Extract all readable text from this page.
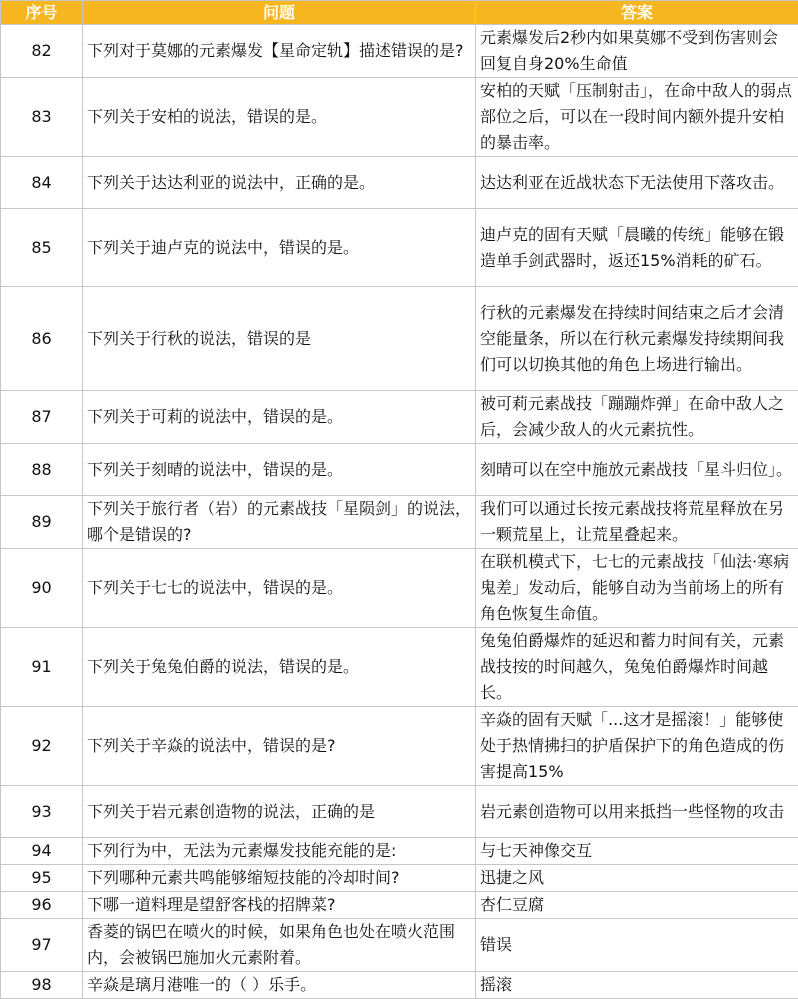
序号	问题	答案
82	下列对于莫娜的元素爆发【星命定轨】描述错误的是?	元素爆发后2秒内如果莫娜不受到伤害则会回复自身20%生命值
83	下列关于安柏的说法，错误的是。	安柏的天赋「压制射击」，在命中敌人的弱点部位之后，可以在一段时间内额外提升安柏的暴击率。
84	下列关于达达利亚的说法中，正确的是。	达达利亚在近战状态下无法使用下落攻击。
85	下列关于迪卢克的说法中，错误的是。	迪卢克的固有天赋「晨曦的传统」能够在锻造单手剑武器时，返还15%消耗的矿石。
86	下列关于行秋的说法，错误的是	行秋的元素爆发在持续时间结束之后才会清空能量条，所以在行秋元素爆发持续期间我们可以切换其他的角色上场进行输出。
87	下列关于可莉的说法中，错误的是。	被可莉元素战技「蹦蹦炸弹」在命中敌人之后，会减少敌人的火元素抗性。
88	下列关于刻晴的说法中，错误的是。	刻晴可以在空中施放元素战技「星斗归位」。
89	下列关于旅行者（岩）的元素战技「星陨剑」的说法，哪个是错误的?	我们可以通过长按元素战技将荒星释放在另一颗荒星上，让荒星叠起来。
90	下列关于七七的说法中，错误的是。	在联机模式下，七七的元素战技「仙法·寒病鬼差」发动后，能够自动为当前场上的所有角色恢复生命值。
91	下列关于兔兔伯爵的说法，错误的是。	兔兔伯爵爆炸的延迟和蓄力时间有关，元素战技按的时间越久，兔兔伯爵爆炸时间越长。
92	下列关于辛焱的说法中，错误的是?	辛焱的固有天赋「...这才是摇滚！」能够使处于热情拂扫的护盾保护下的角色造成的伤害提高15%
93	下列关于岩元素创造物的说法，正确的是	岩元素创造物可以用来抵挡一些怪物的攻击
94	下列行为中，无法为元素爆发技能充能的是:	与七天神像交互
95	下列哪种元素共鸣能够缩短技能的冷却时间?	迅捷之风
96	下哪一道料理是望舒客栈的招牌菜?	杏仁豆腐
97	香菱的锅巴在喷火的时候，如果角色也处在喷火范围内，会被锅巴施加火元素附着。	错误
98	辛焱是璃月港唯一的（ ）乐手。	摇滚
